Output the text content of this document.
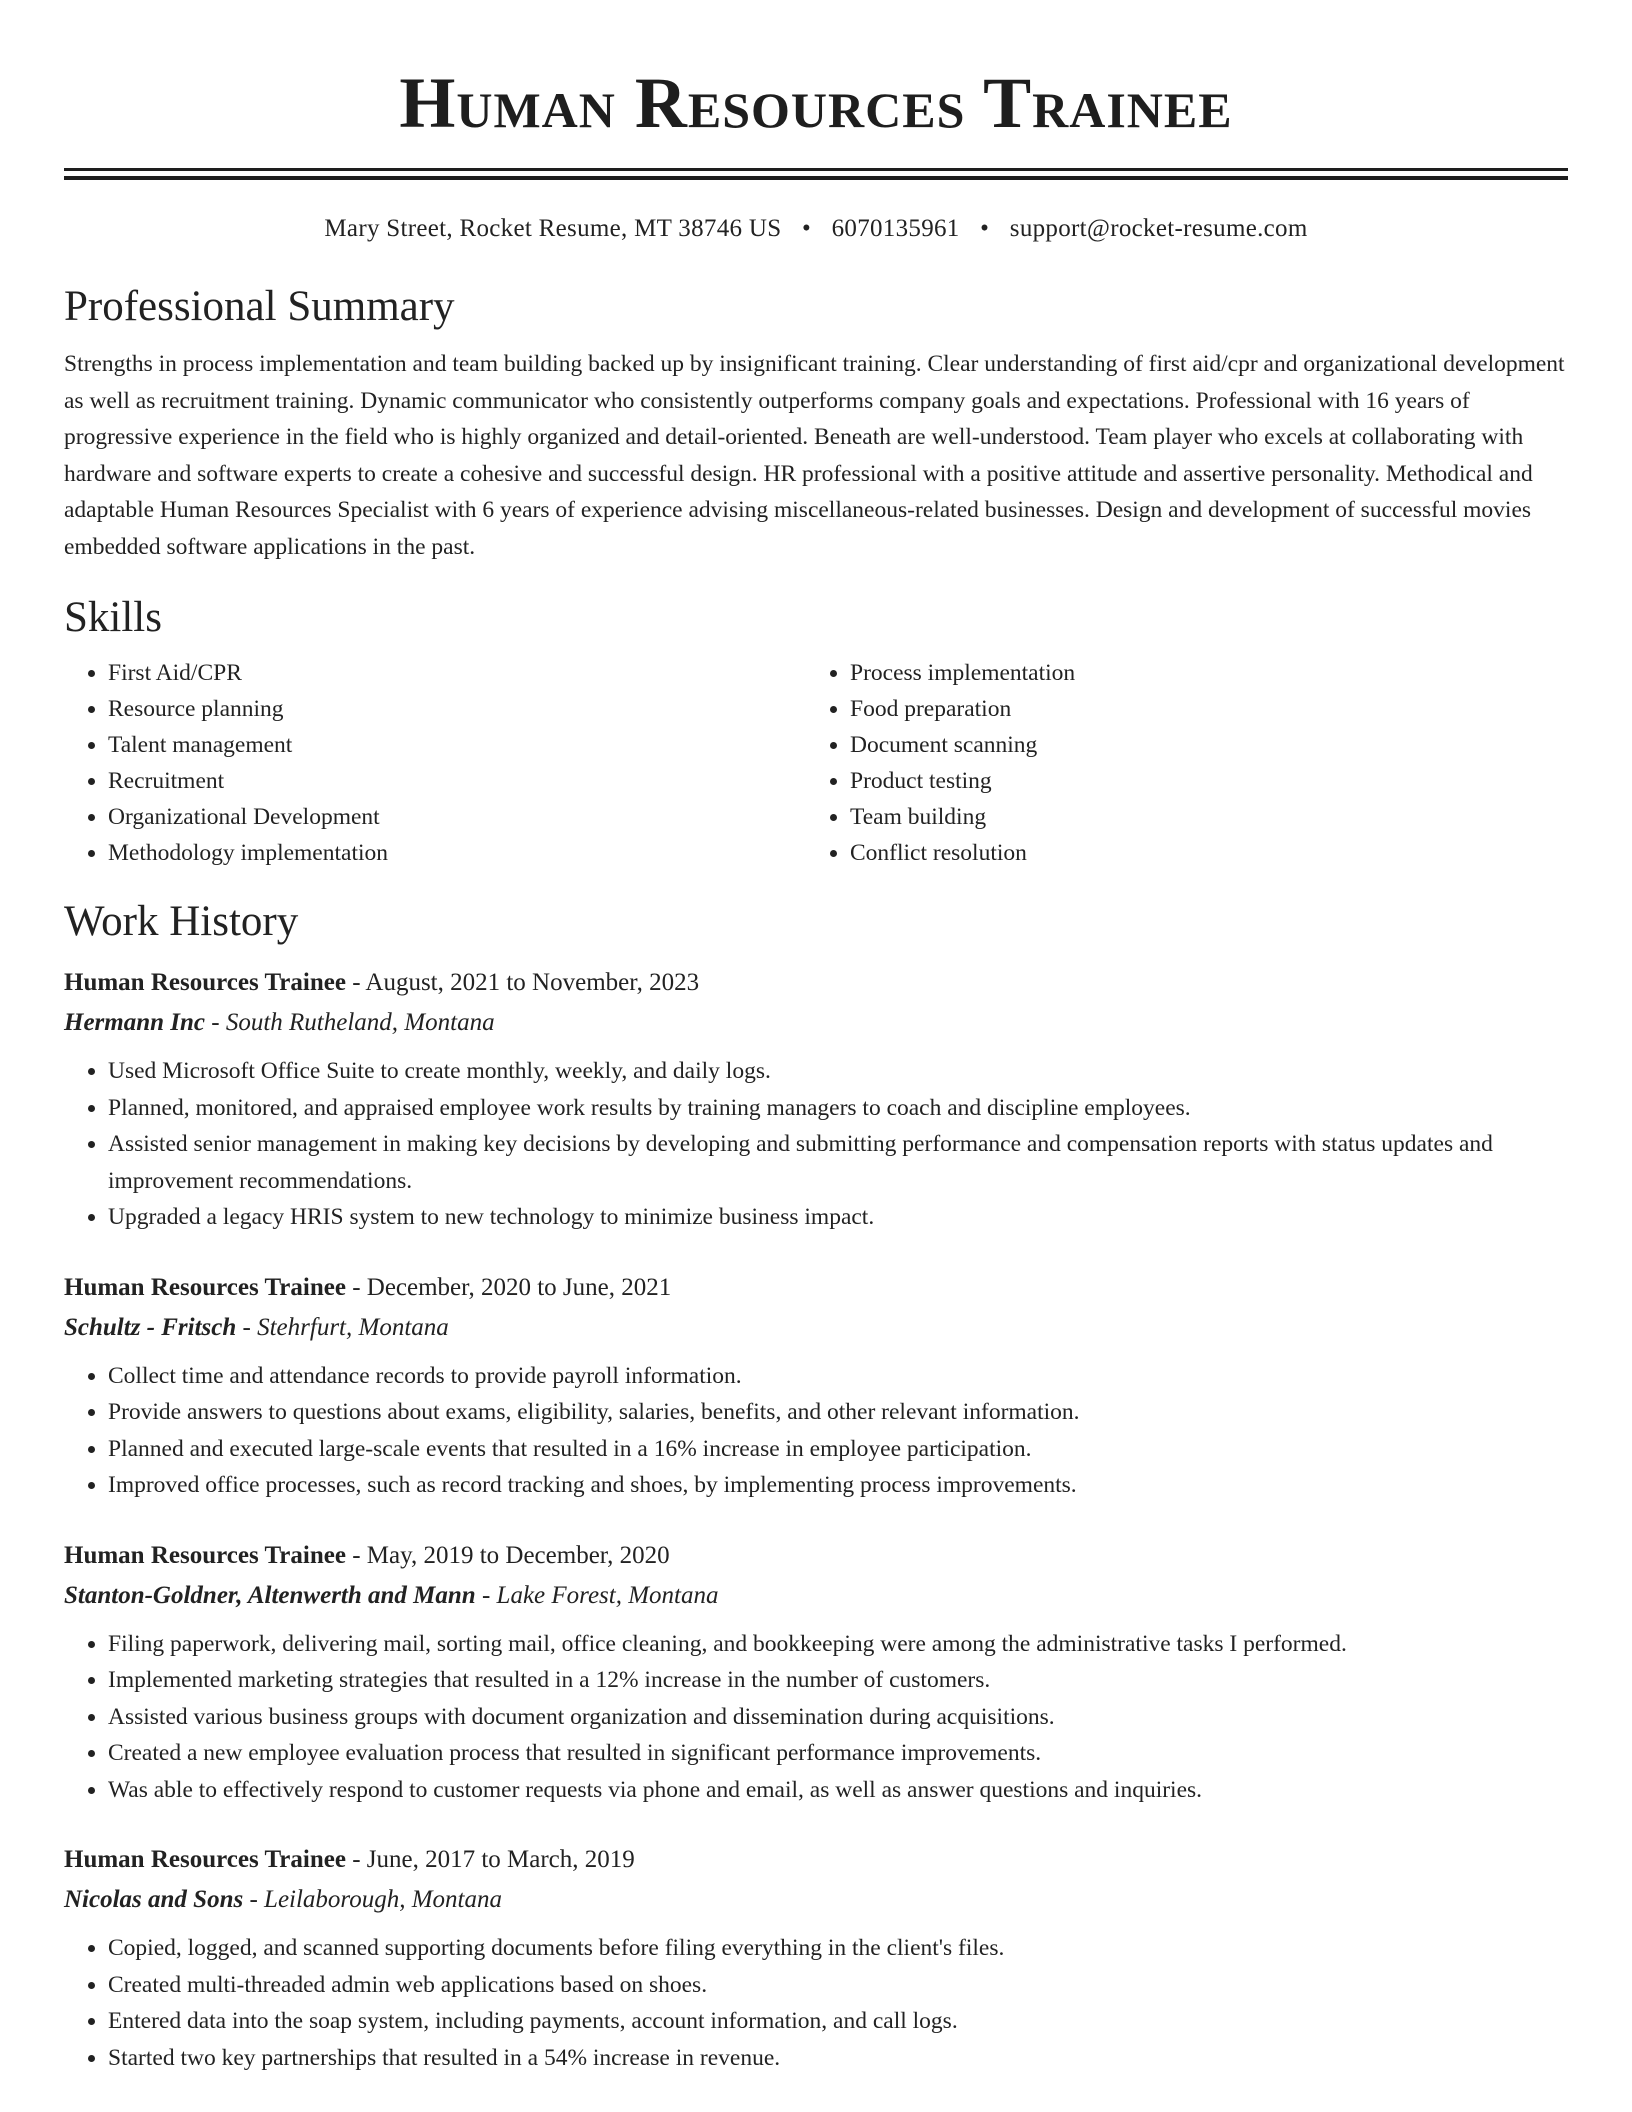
Human Resources Trainee
Mary Street, Rocket Resume, MT 38746 US • 6070135961 • support@rocket-resume.com
Professional Summary

Strengths in process implementation and team building backed up by insignificant training. Clear understanding of first aid/cpr and organizational development as well as recruitment training. Dynamic communicator who consistently outperforms company goals and expectations. Professional with 16 years of progressive experience in the field who is highly organized and detail-oriented. Beneath are well-understood. Team player who excels at collaborating with hardware and software experts to create a cohesive and successful design. HR professional with a positive attitude and assertive personality. Methodical and adaptable Human Resources Specialist with 6 years of experience advising miscellaneous-related businesses. Design and development of successful movies embedded software applications in the past.

Skills
• First Aid/CPR
• Resource planning
• Talent management
• Recruitment
• Organizational Development
• Methodology implementation
• Process implementation
• Food preparation
• Document scanning
• Product testing
• Team building
• Conflict resolution
Work History
Human Resources Trainee - August, 2021 to November, 2023
Hermann Inc - South Rutheland, Montana
• Used Microsoft Office Suite to create monthly, weekly, and daily logs.
• Planned, monitored, and appraised employee work results by training managers to coach and discipline employees.
• Assisted senior management in making key decisions by developing and submitting performance and compensation reports with status updates and improvement recommendations.
• Upgraded a legacy HRIS system to new technology to minimize business impact.
Human Resources Trainee - December, 2020 to June, 2021
Schultz - Fritsch - Stehrfurt, Montana
• Collect time and attendance records to provide payroll information.
• Provide answers to questions about exams, eligibility, salaries, benefits, and other relevant information.
• Planned and executed large-scale events that resulted in a 16% increase in employee participation.
• Improved office processes, such as record tracking and shoes, by implementing process improvements.
Human Resources Trainee - May, 2019 to December, 2020
Stanton-Goldner, Altenwerth and Mann - Lake Forest, Montana
• Filing paperwork, delivering mail, sorting mail, office cleaning, and bookkeeping were among the administrative tasks I performed.
• Implemented marketing strategies that resulted in a 12% increase in the number of customers.
• Assisted various business groups with document organization and dissemination during acquisitions.
• Created a new employee evaluation process that resulted in significant performance improvements.
• Was able to effectively respond to customer requests via phone and email, as well as answer questions and inquiries.
Human Resources Trainee - June, 2017 to March, 2019
Nicolas and Sons - Leilaborough, Montana
• Copied, logged, and scanned supporting documents before filing everything in the client's files.
• Created multi-threaded admin web applications based on shoes.
• Entered data into the soap system, including payments, account information, and call logs.
• Started two key partnerships that resulted in a 54% increase in revenue.
